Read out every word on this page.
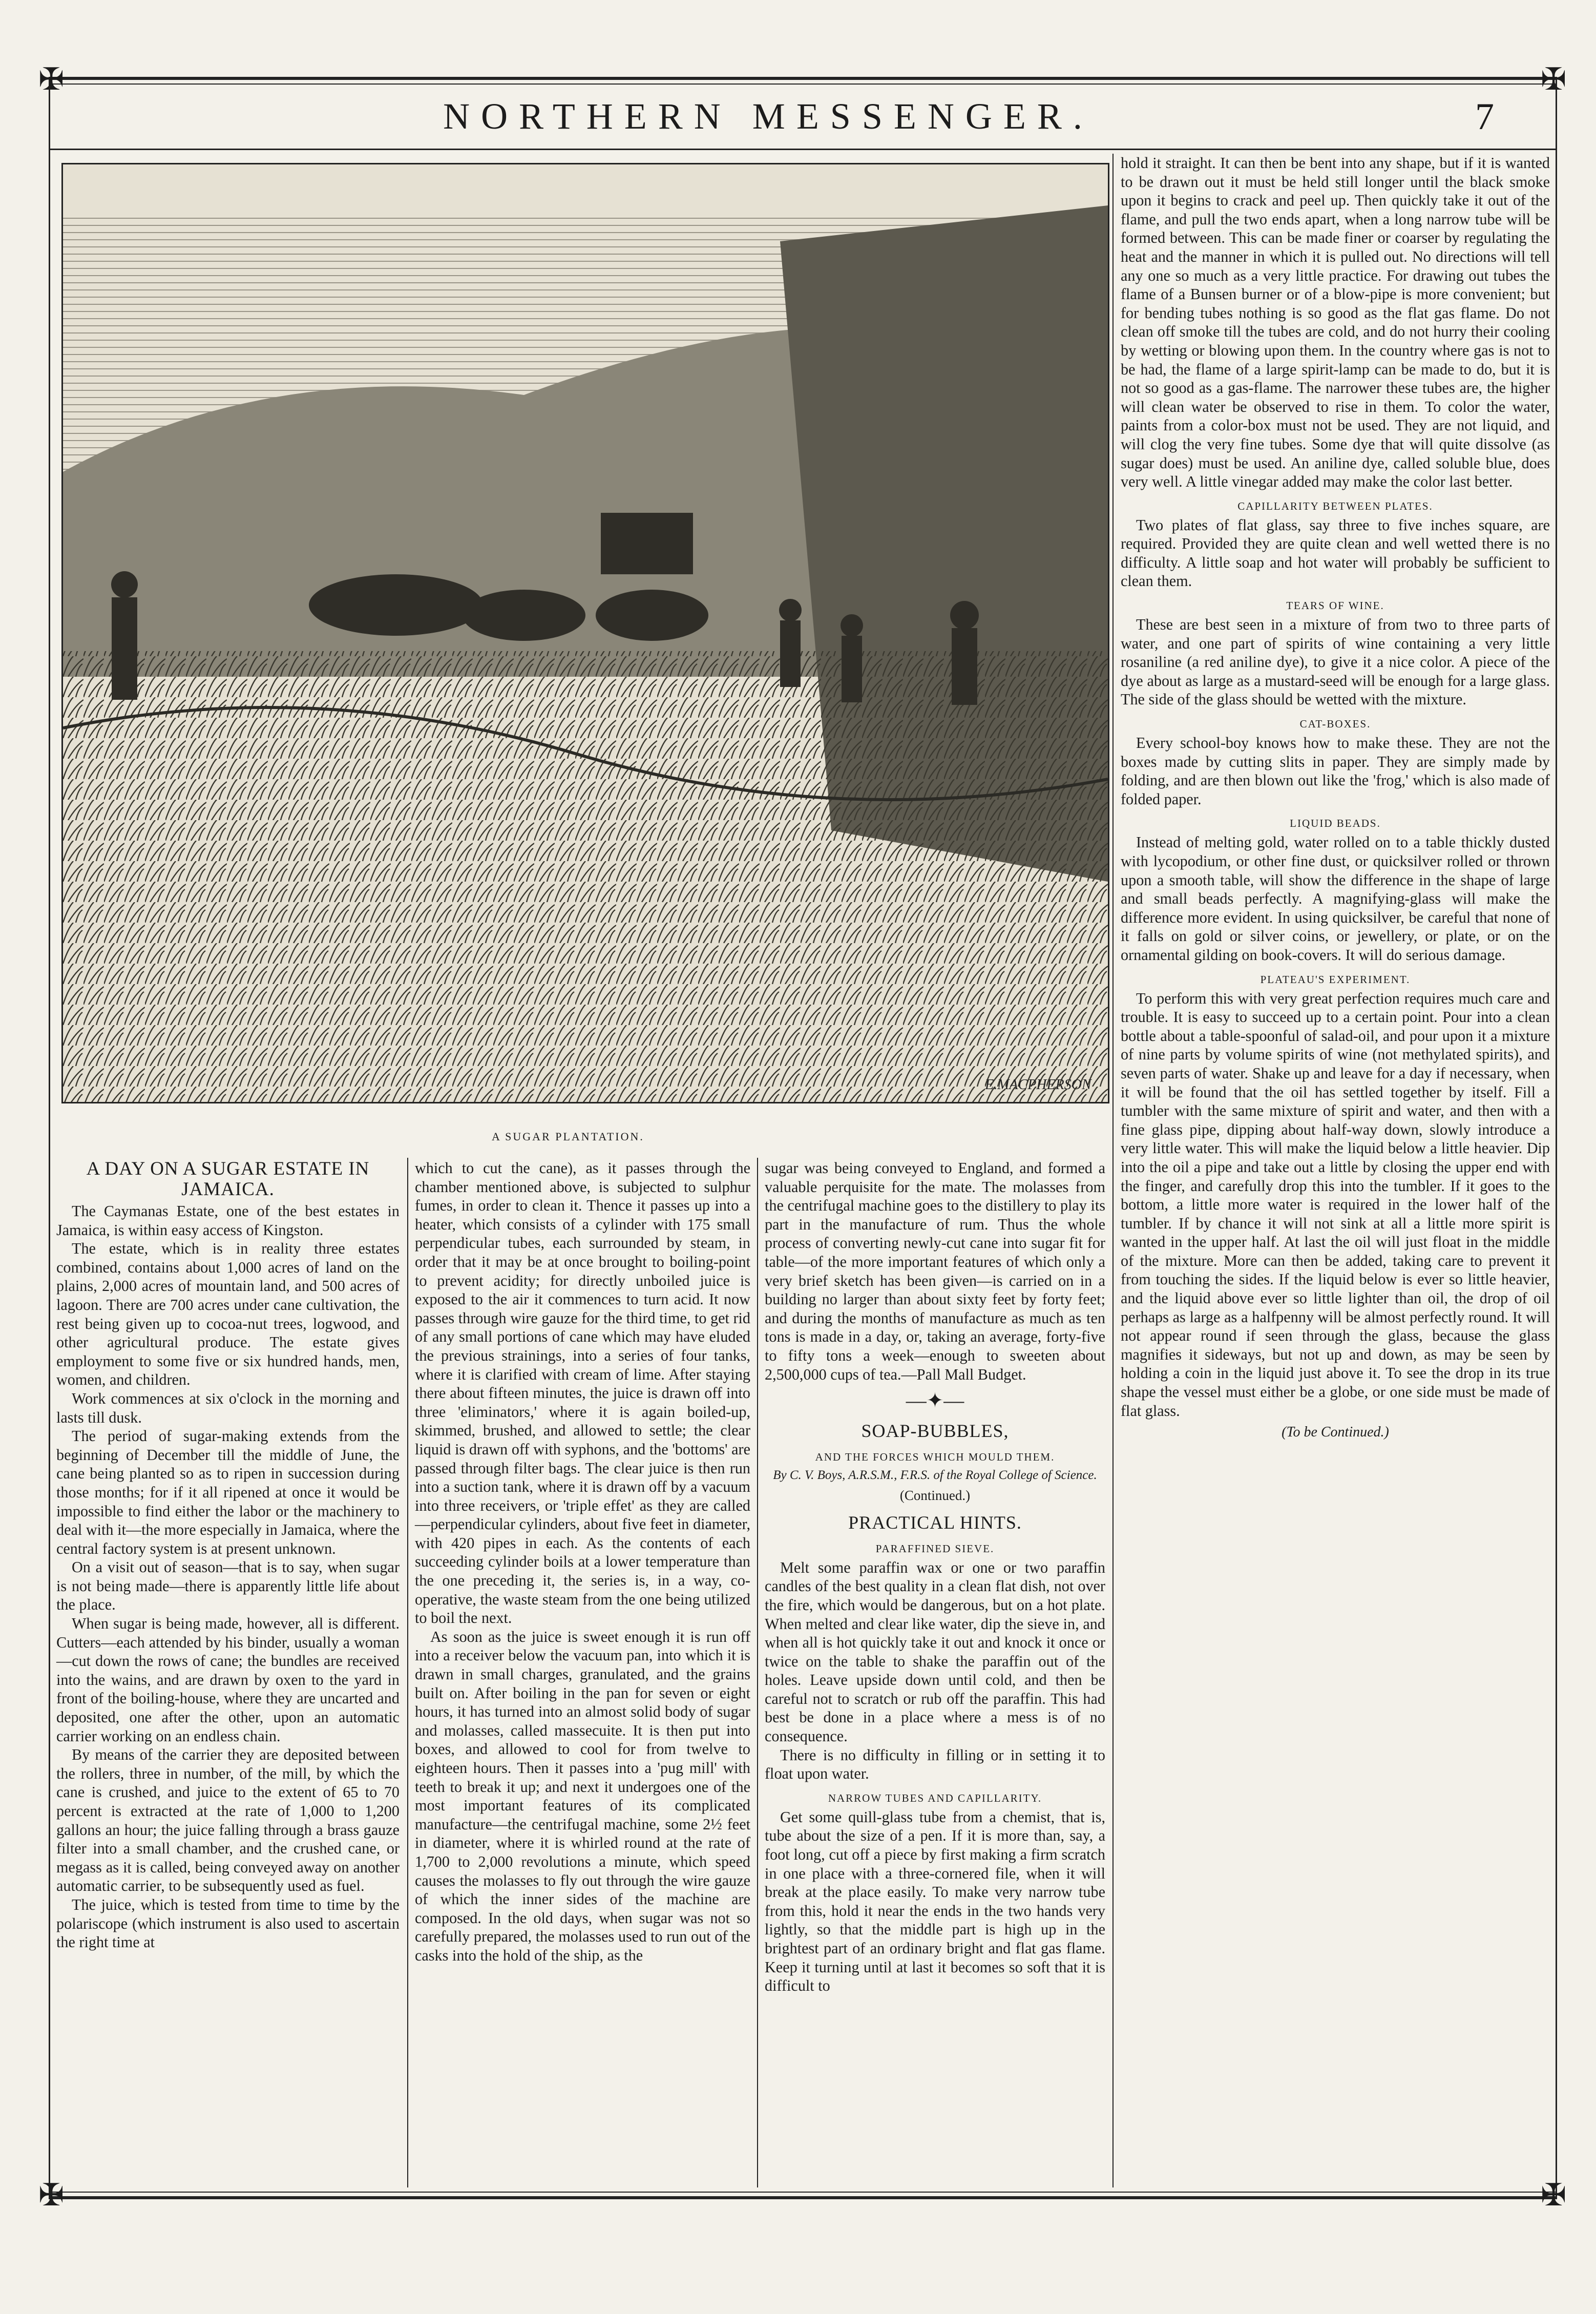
✠	✠
✠	✠
NORTHERN MESSENGER.	7
E.MACPHERSON
A SUGAR PLANTATION.
A DAY ON A SUGAR ESTATE IN JAMAICA.

The Caymanas Estate, one of the best estates in Jamaica, is within easy access of Kingston.

The estate, which is in reality three estates combined, contains about 1,000 acres of land on the plains, 2,000 acres of mountain land, and 500 acres of lagoon. There are 700 acres under cane cultivation, the rest being given up to cocoa-nut trees, logwood, and other agricultural produce. The estate gives employment to some five or six hundred hands, men, women, and children.

Work commences at six o'clock in the morning and lasts till dusk.

The period of sugar-making extends from the beginning of December till the middle of June, the cane being planted so as to ripen in succession during those months; for if it all ripened at once it would be impossible to find either the labor or the machinery to deal with it—the more especially in Jamaica, where the central factory system is at present unknown.

On a visit out of season—that is to say, when sugar is not being made—there is apparently little life about the place.

When sugar is being made, however, all is different. Cutters—each attended by his binder, usually a woman—cut down the rows of cane; the bundles are received into the wains, and are drawn by oxen to the yard in front of the boiling-house, where they are uncarted and deposited, one after the other, upon an automatic carrier working on an endless chain.

By means of the carrier they are deposited between the rollers, three in number, of the mill, by which the cane is crushed, and juice to the extent of 65 to 70 percent is extracted at the rate of 1,000 to 1,200 gallons an hour; the juice falling through a brass gauze filter into a small chamber, and the crushed cane, or megass as it is called, being conveyed away on another automatic carrier, to be subsequently used as fuel.

The juice, which is tested from time to time by the polariscope (which instrument is also used to ascertain the right time at

which to cut the cane), as it passes through the chamber mentioned above, is subjected to sulphur fumes, in order to clean it. Thence it passes up into a heater, which consists of a cylinder with 175 small perpendicular tubes, each surrounded by steam, in order that it may be at once brought to boiling-point to prevent acidity; for directly unboiled juice is exposed to the air it commences to turn acid. It now passes through wire gauze for the third time, to get rid of any small portions of cane which may have eluded the previous strainings, into a series of four tanks, where it is clarified with cream of lime. After staying there about fifteen minutes, the juice is drawn off into three 'eliminators,' where it is again boiled-up, skimmed, brushed, and allowed to settle; the clear liquid is drawn off with syphons, and the 'bottoms' are passed through filter bags. The clear juice is then run into a suction tank, where it is drawn off by a vacuum into three receivers, or 'triple effet' as they are called—perpendicular cylinders, about five feet in diameter, with 420 pipes in each. As the contents of each succeeding cylinder boils at a lower temperature than the one preceding it, the series is, in a way, co-operative, the waste steam from the one being utilized to boil the next.

As soon as the juice is sweet enough it is run off into a receiver below the vacuum pan, into which it is drawn in small charges, granulated, and the grains built on. After boiling in the pan for seven or eight hours, it has turned into an almost solid body of sugar and molasses, called massecuite. It is then put into boxes, and allowed to cool for from twelve to eighteen hours. Then it passes into a 'pug mill' with teeth to break it up; and next it undergoes one of the most important features of its complicated manufacture—the centrifugal machine, some 2½ feet in diameter, where it is whirled round at the rate of 1,700 to 2,000 revolutions a minute, which speed causes the molasses to fly out through the wire gauze of which the inner sides of the machine are composed. In the old days, when sugar was not so carefully prepared, the molasses used to run out of the casks into the hold of the ship, as the

sugar was being conveyed to England, and formed a valuable perquisite for the mate. The molasses from the centrifugal machine goes to the distillery to play its part in the manufacture of rum. Thus the whole process of converting newly-cut cane into sugar fit for table—of the more important features of which only a very brief sketch has been given—is carried on in a building no larger than about sixty feet by forty feet; and during the months of manufacture as much as ten tons is made in a day, or, taking an average, forty-five to fifty tons a week—enough to sweeten about 2,500,000 cups of tea.—Pall Mall Budget.

—✦—
SOAP-BUBBLES,
AND THE FORCES WHICH MOULD THEM.
By C. V. Boys, A.R.S.M., F.R.S. of the Royal College of Science.
(Continued.)
PRACTICAL HINTS.
PARAFFINED SIEVE.

Melt some paraffin wax or one or two paraffin candles of the best quality in a clean flat dish, not over the fire, which would be dangerous, but on a hot plate. When melted and clear like water, dip the sieve in, and when all is hot quickly take it out and knock it once or twice on the table to shake the paraffin out of the holes. Leave upside down until cold, and then be careful not to scratch or rub off the paraffin. This had best be done in a place where a mess is of no consequence.

There is no difficulty in filling or in setting it to float upon water.

NARROW TUBES AND CAPILLARITY.

Get some quill-glass tube from a chemist, that is, tube about the size of a pen. If it is more than, say, a foot long, cut off a piece by first making a firm scratch in one place with a three-cornered file, when it will break at the place easily. To make very narrow tube from this, hold it near the ends in the two hands very lightly, so that the middle part is high up in the brightest part of an ordinary bright and flat gas flame. Keep it turning until at last it becomes so soft that it is difficult to

hold it straight. It can then be bent into any shape, but if it is wanted to be drawn out it must be held still longer until the black smoke upon it begins to crack and peel up. Then quickly take it out of the flame, and pull the two ends apart, when a long narrow tube will be formed between. This can be made finer or coarser by regulating the heat and the manner in which it is pulled out. No directions will tell any one so much as a very little practice. For drawing out tubes the flame of a Bunsen burner or of a blow-pipe is more convenient; but for bending tubes nothing is so good as the flat gas flame. Do not clean off smoke till the tubes are cold, and do not hurry their cooling by wetting or blowing upon them. In the country where gas is not to be had, the flame of a large spirit-lamp can be made to do, but it is not so good as a gas-flame. The narrower these tubes are, the higher will clean water be observed to rise in them. To color the water, paints from a color-box must not be used. They are not liquid, and will clog the very fine tubes. Some dye that will quite dissolve (as sugar does) must be used. An aniline dye, called soluble blue, does very well. A little vinegar added may make the color last better.

CAPILLARITY BETWEEN PLATES.

Two plates of flat glass, say three to five inches square, are required. Provided they are quite clean and well wetted there is no difficulty. A little soap and hot water will probably be sufficient to clean them.

TEARS OF WINE.

These are best seen in a mixture of from two to three parts of water, and one part of spirits of wine containing a very little rosaniline (a red aniline dye), to give it a nice color. A piece of the dye about as large as a mustard-seed will be enough for a large glass. The side of the glass should be wetted with the mixture.

CAT-BOXES.

Every school-boy knows how to make these. They are not the boxes made by cutting slits in paper. They are simply made by folding, and are then blown out like the 'frog,' which is also made of folded paper.

LIQUID BEADS.

Instead of melting gold, water rolled on to a table thickly dusted with lycopodium, or other fine dust, or quicksilver rolled or thrown upon a smooth table, will show the difference in the shape of large and small beads perfectly. A magnifying-glass will make the difference more evident. In using quicksilver, be careful that none of it falls on gold or silver coins, or jewellery, or plate, or on the ornamental gilding on book-covers. It will do serious damage.

PLATEAU'S EXPERIMENT.

To perform this with very great perfection requires much care and trouble. It is easy to succeed up to a certain point. Pour into a clean bottle about a table-spoonful of salad-oil, and pour upon it a mixture of nine parts by volume spirits of wine (not methylated spirits), and seven parts of water. Shake up and leave for a day if necessary, when it will be found that the oil has settled together by itself. Fill a tumbler with the same mixture of spirit and water, and then with a fine glass pipe, dipping about half-way down, slowly introduce a very little water. This will make the liquid below a little heavier. Dip into the oil a pipe and take out a little by closing the upper end with the finger, and carefully drop this into the tumbler. If it goes to the bottom, a little more water is required in the lower half of the tumbler. If by chance it will not sink at all a little more spirit is wanted in the upper half. At last the oil will just float in the middle of the mixture. More can then be added, taking care to prevent it from touching the sides. If the liquid below is ever so little heavier, and the liquid above ever so little lighter than oil, the drop of oil perhaps as large as a halfpenny will be almost perfectly round. It will not appear round if seen through the glass, because the glass magnifies it sideways, but not up and down, as may be seen by holding a coin in the liquid just above it. To see the drop in its true shape the vessel must either be a globe, or one side must be made of flat glass.

(To be Continued.)
